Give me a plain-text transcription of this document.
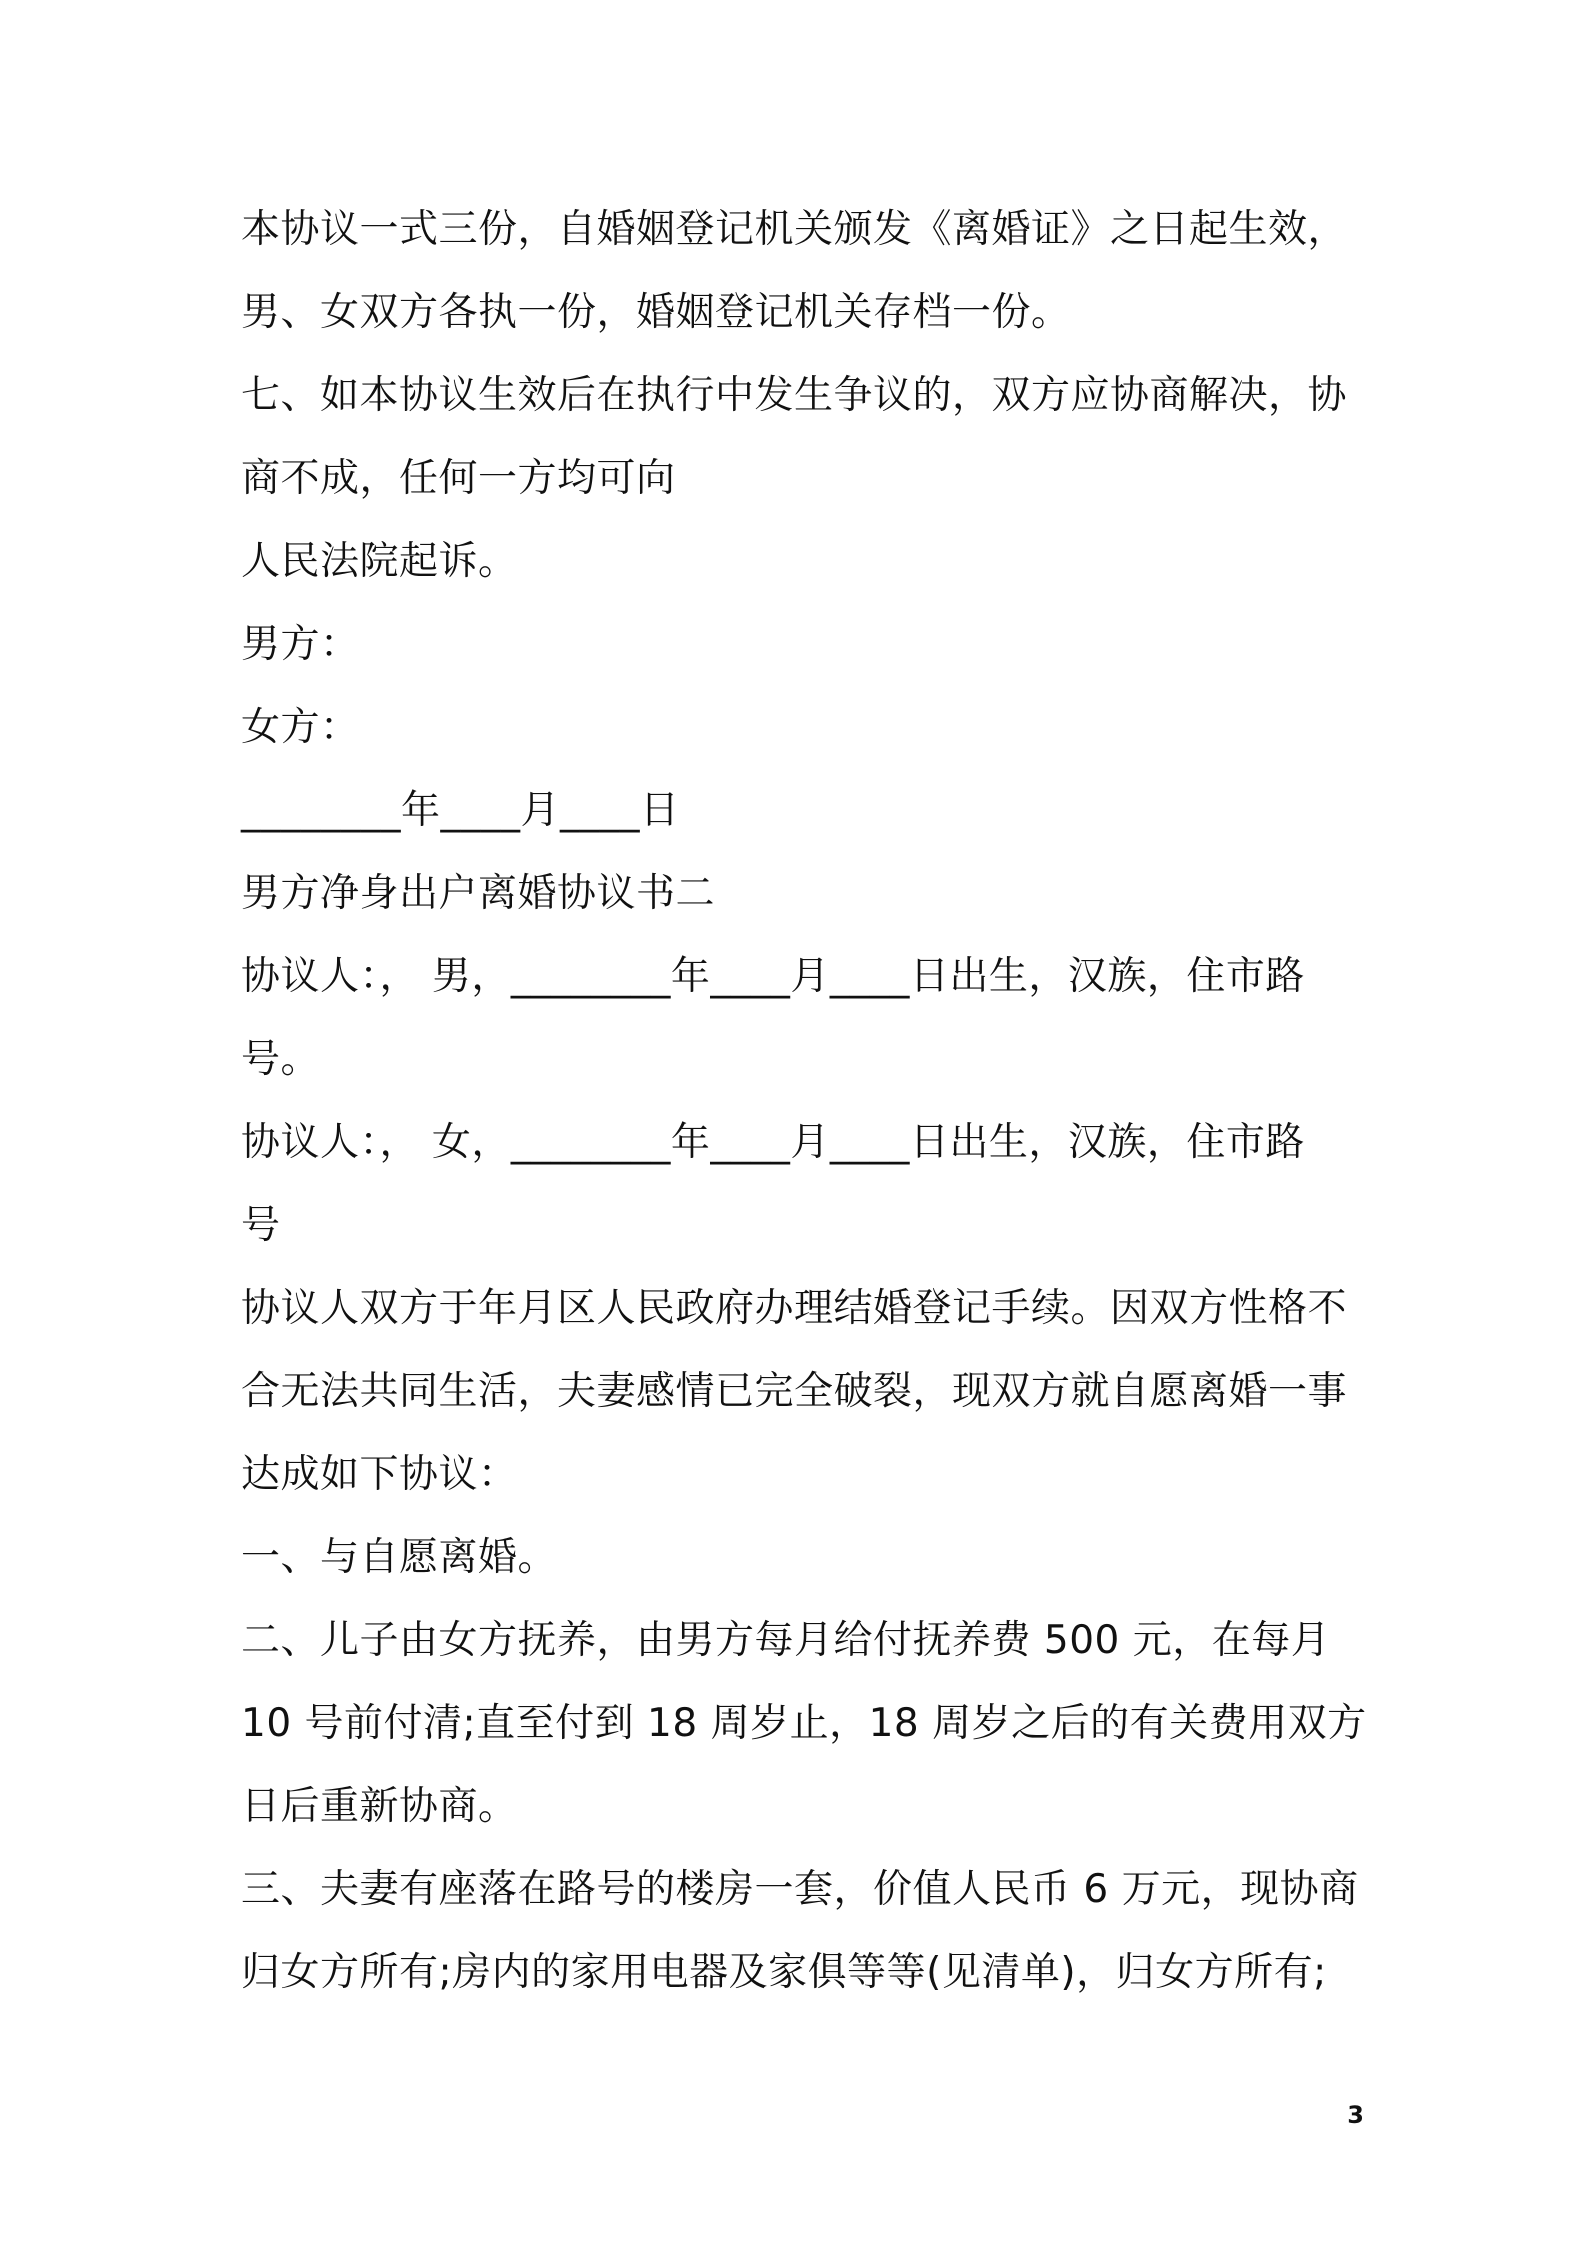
本协议一式三份，自婚姻登记机关颁发《离婚证》之日起生效，
男、女双方各执一份，婚姻登记机关存档一份。
七、如本协议生效后在执行中发生争议的，双方应协商解决，协
商不成，任何一方均可向
人民法院起诉。
男方：
女方：
________年____月____日
男方净身出户离婚协议书二
协议人：， 男，________年____月____日出生，汉族，住市路
号。
协议人：， 女，________年____月____日出生，汉族，住市路
号
协议人双方于年月区人民政府办理结婚登记手续。因双方性格不
合无法共同生活，夫妻感情已完全破裂，现双方就自愿离婚一事
达成如下协议：
一、与自愿离婚。
二、儿子由女方抚养，由男方每月给付抚养费 500 元，在每月
10 号前付清;直至付到 18 周岁止，18 周岁之后的有关费用双方
日后重新协商。
三、夫妻有座落在路号的楼房一套，价值人民币 6 万元，现协商
归女方所有;房内的家用电器及家俱等等(见清单)，归女方所有;
3
